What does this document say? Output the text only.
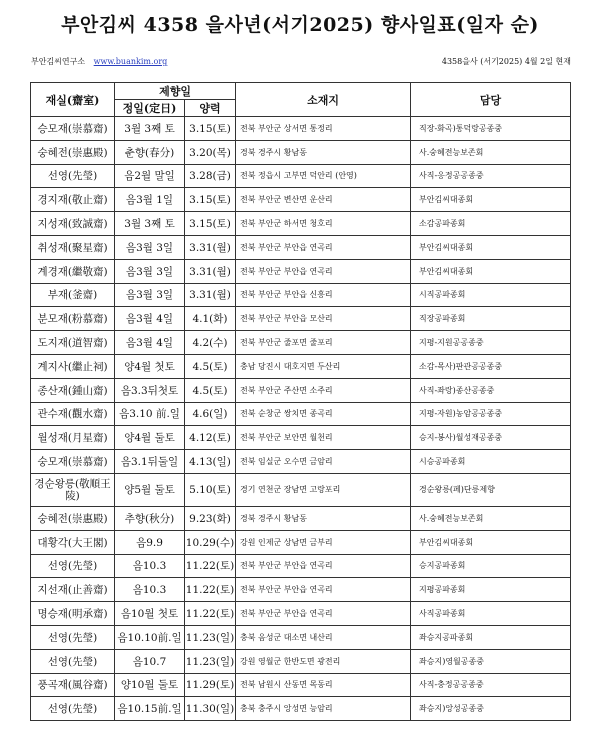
부안김씨 4358 을사년(서기2025) 향사일표(일자 순)
부안김씨연구소 www.buankim.org	4358을사 (서기2025) 4월 2일 현재
재실(齋室)	제향일		소재지	담당
	정일(定日)	양력		
승모재(崇慕齋)	3월 3째 토	3.15(토)	전북 부안군 상서면 통정리	직장-화곡)통덕랑공종중
숭혜전(崇惠殿)	춘향(春分)	3.20(목)	경북 경주시 황남동	사.숭혜전능보존회
선영(先瑩)	음2월 말일	3.28(금)	전북 정읍시 고부면 덕안리 (안영)	사직-응정공공종중
경지재(敬止齋)	음3월 1일	3.15(토)	전북 부안군 변산면 운산리	부안김씨대종회
지성재(致誠齋)	3월 3째 토	3.15(토)	전북 부안군 하서면 청호리	소감공파종회
취성재(聚星齋)	음3월 3일	3.31(월)	전북 부안군 부안읍 연곡리	부안김씨대종회
계경재(繼敬齋)	음3월 3일	3.31(월)	전북 부안군 부안읍 연곡리	부안김씨대종회
부재(釜齋)	음3월 3일	3.31(월)	전북 부안군 부안읍 신흥리	시직공파종회
분모재(粉慕齋)	음3월 4일	4.1(화)	전북 부안군 부안읍 모산리	직장공파종회
도지재(道智齋)	음3월 4일	4.2(수)	전북 부안군 줄포면 줄포리	지평-지원공공종중
계지사(繼止祠)	양4월 첫토	4.5(토)	충남 당진시 대호지면 두산리	소감-목사)판관공공종중
종산재(鍾山齋)	음3.3뒤첫토	4.5(토)	전북 부안군 주산면 소주리	사직-좌랑)종산공종중
관수재(觀水齋)	음3.10 前.일	4.6(일)	전북 순창군 쌍치면 종곡리	지평-자원)농암공공종중
월성재(月星齋)	양4월 둘토	4.12(토)	전북 부안군 보안면 월천리	승지-봉사)월성재공종중
숭모재(崇慕齋)	음3.1뒤둘일	4.13(일)	전북 임실군 오수면 금암리	시승공파종회
경순왕릉(敬順王陵)	양5월 둘토	5.10(토)	경기 연천군 장남면 고랑포리	경순왕릉(페)단릉제향
숭혜전(崇惠殿)	추향(秋分)	9.23(화)	경북 경주시 황남동	사.숭혜전능보존회
대황각(大王閣)	음9.9	10.29(수)	강원 인제군 상남면 금부리	부안김씨대종회
선영(先瑩)	음10.3	11.22(토)	전북 부안군 부안읍 연곡리	승지공파종회
지선재(止善齋)	음10.3	11.22(토)	전북 부안군 부안읍 연곡리	지평공파종회
명승재(明承齋)	음10월 첫토	11.22(토)	전북 부안군 부안읍 연곡리	사직공파종회
선영(先瑩)	음10.10前.일	11.23(일)	충북 음성군 대소면 내산리	좌승지공파종회
선영(先瑩)	음10.7	11.23(일)	강원 영월군 한반도면 광전리	좌승지)영월공종중
풍곡재(風谷齋)	양10월 둘토	11.29(토)	전북 남원시 산동면 목동리	사직-충정공공종중
선영(先瑩)	음10.15前.일	11.30(일)	충북 충주시 앙성면 능암리	좌승지)앙성공종중
